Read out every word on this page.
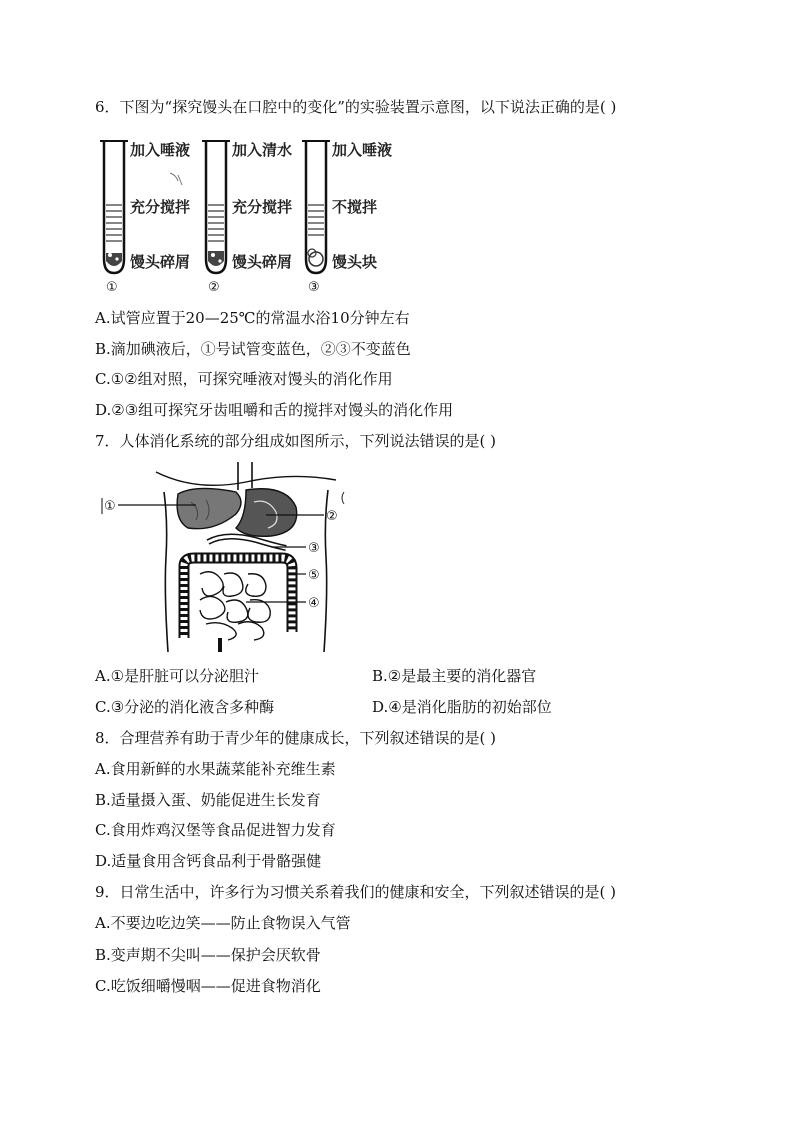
6．下图为“探究馒头在口腔中的变化”的实验装置示意图，以下说法正确的是( )
加入唾液
充分搅拌
馒头碎屑
①
加入清水
充分搅拌
馒头碎屑
②
加入唾液
不搅拌
馒头块
③
A.试管应置于20—25℃的常温水浴10分钟左右
B.滴加碘液后，①号试管变蓝色，②③不变蓝色
C.①②组对照，可探究唾液对馒头的消化作用
D.②③组可探究牙齿咀嚼和舌的搅拌对馒头的消化作用
7．人体消化系统的部分组成如图所示，下列说法错误的是( )
①
②
③
⑤
④
A.①是肝脏可以分泌胆汁	B.②是最主要的消化器官
C.③分泌的消化液含多种酶	D.④是消化脂肪的初始部位
8．合理营养有助于青少年的健康成长，下列叙述错误的是( )
A.食用新鲜的水果蔬菜能补充维生素
B.适量摄入蛋、奶能促进生长发育
C.食用炸鸡汉堡等食品促进智力发育
D.适量食用含钙食品利于骨骼强健
9．日常生活中，许多行为习惯关系着我们的健康和安全，下列叙述错误的是( )
A.不要边吃边笑——防止食物误入气管
B.变声期不尖叫——保护会厌软骨
C.吃饭细嚼慢咽——促进食物消化
